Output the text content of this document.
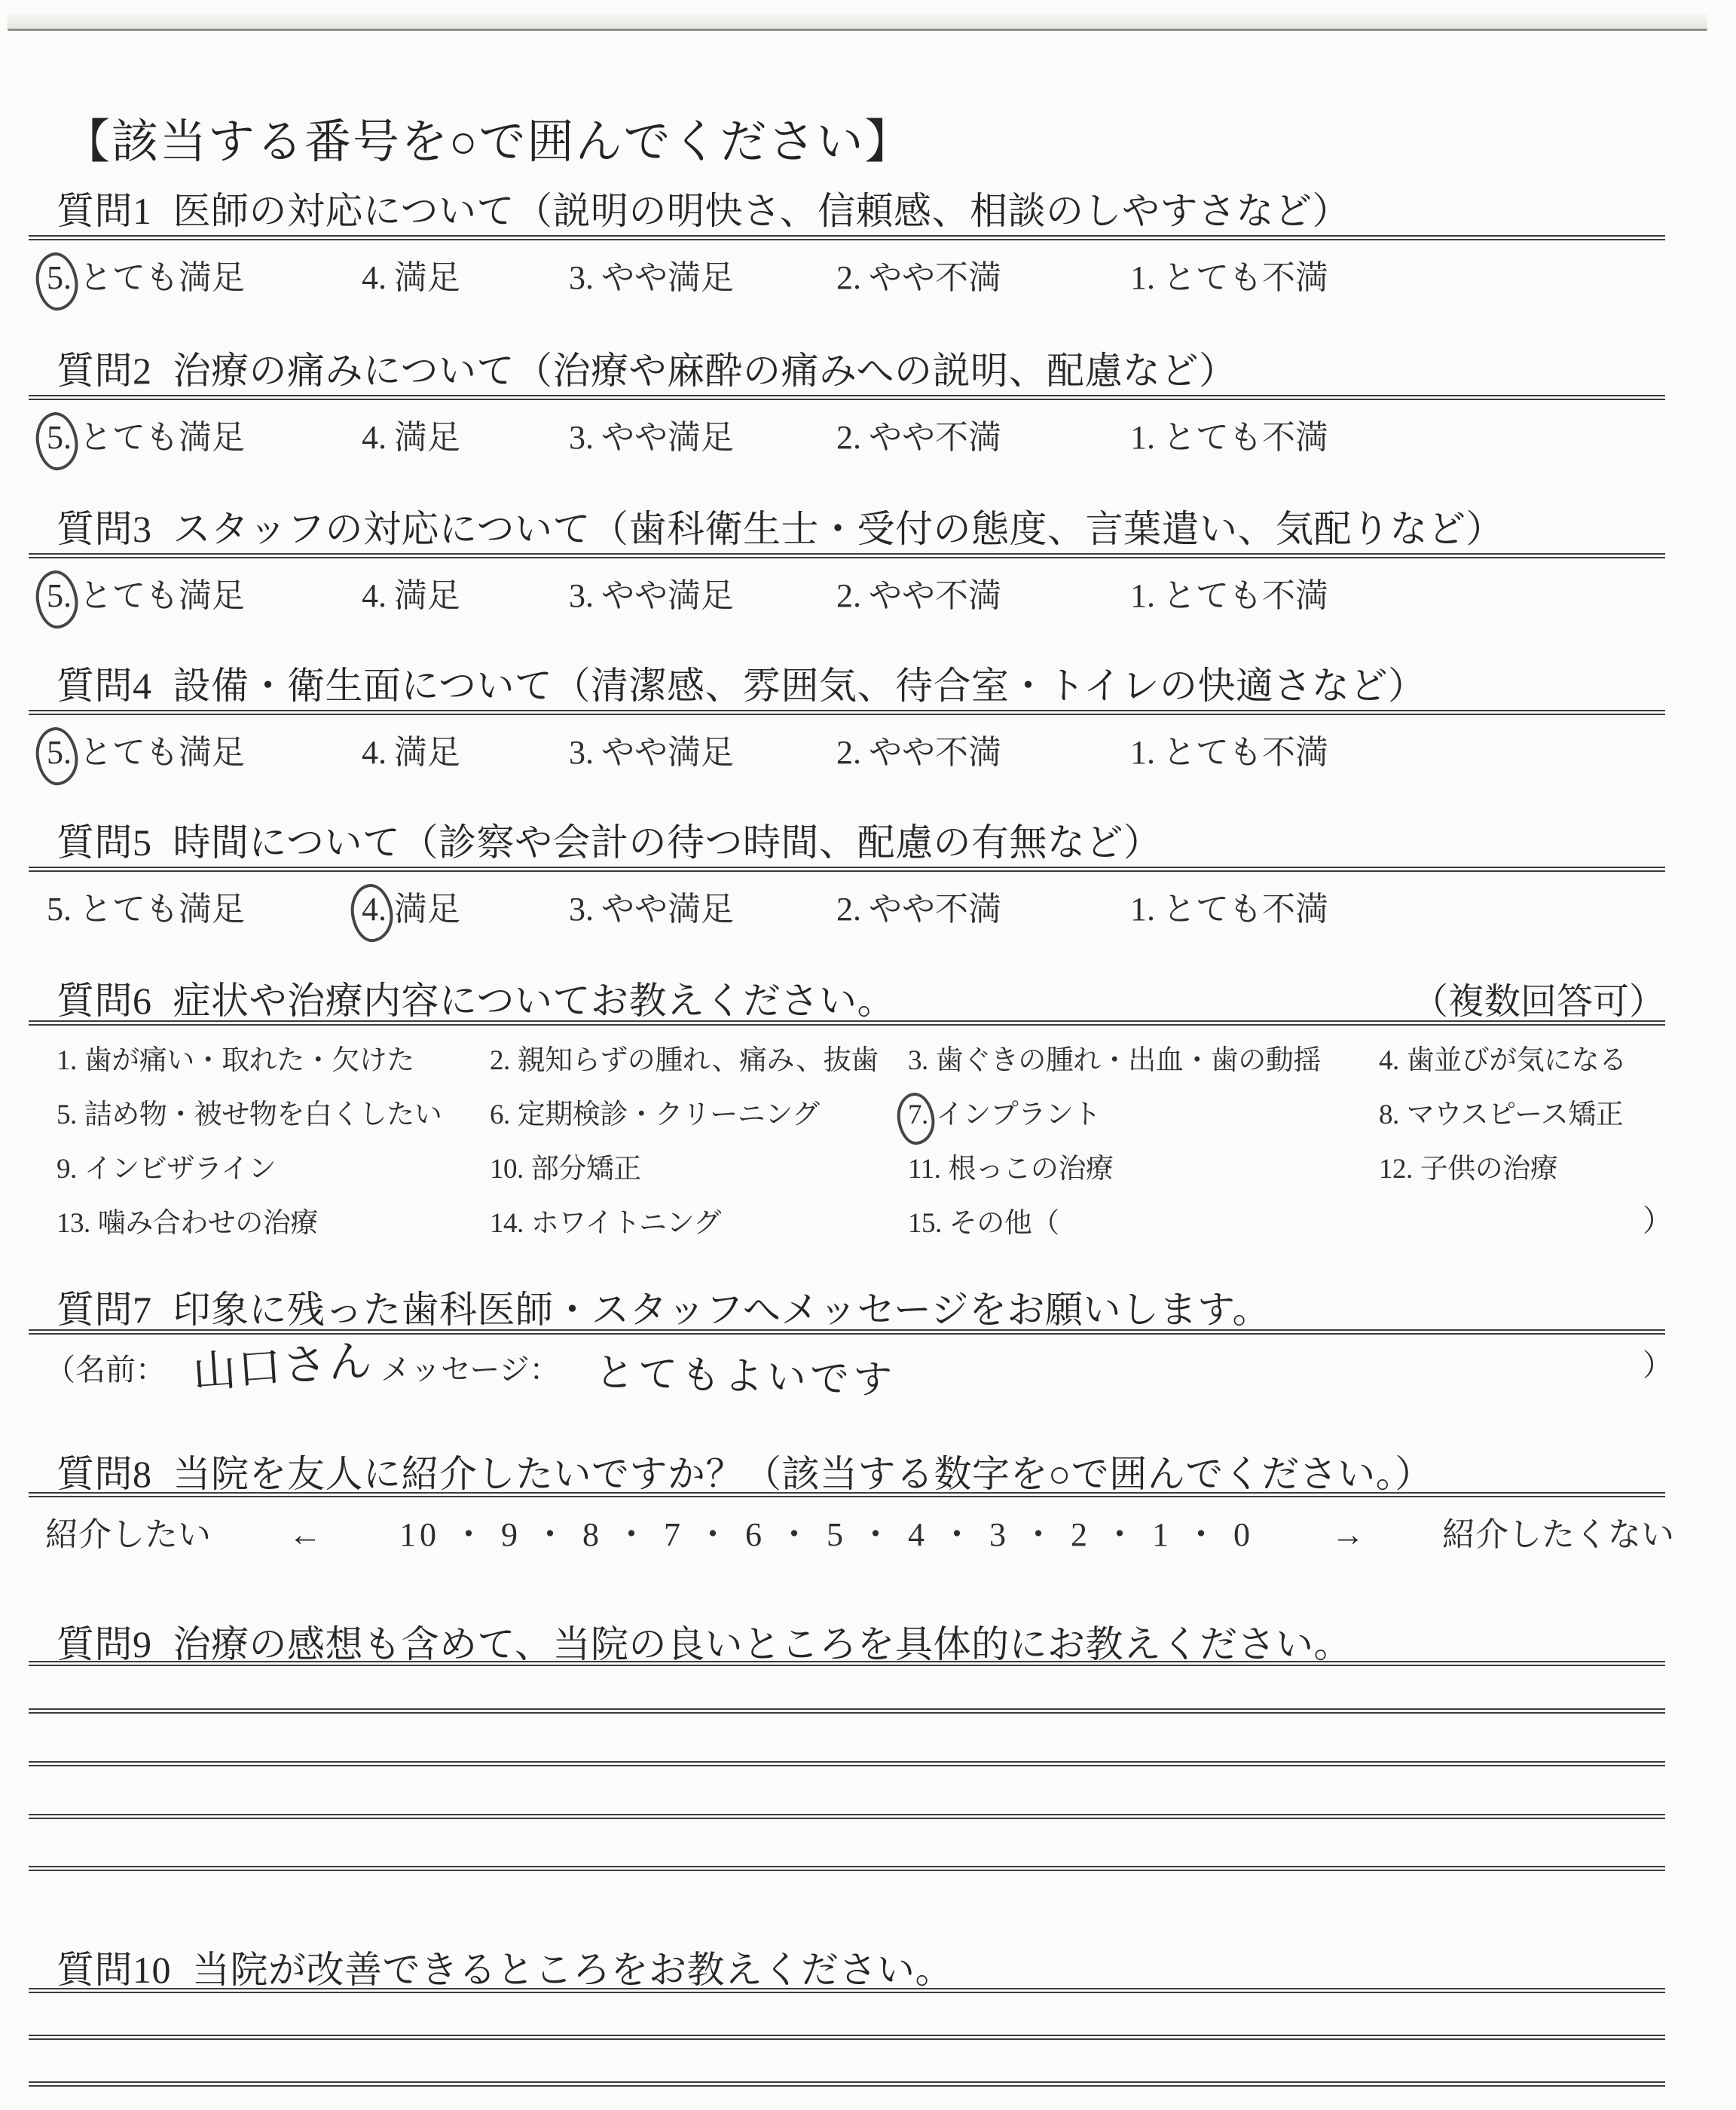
【該当する番号を○で囲んでください】
質問1 医師の対応について（説明の明快さ、信頼感、相談のしやすさなど）
5. とても満足	4. 満足	3. やや満足	2. やや不満	1. とても不満
質問2 治療の痛みについて（治療や麻酔の痛みへの説明、配慮など）
5. とても満足	4. 満足	3. やや満足	2. やや不満	1. とても不満
質問3 スタッフの対応について（歯科衛生士・受付の態度、言葉遣い、気配りなど）
5. とても満足	4. 満足	3. やや満足	2. やや不満	1. とても不満
質問4 設備・衛生面について（清潔感、雰囲気、待合室・トイレの快適さなど）
5. とても満足	4. 満足	3. やや満足	2. やや不満	1. とても不満
質問5 時間について（診察や会計の待つ時間、配慮の有無など）
5. とても満足	4. 満足	3. やや満足	2. やや不満	1. とても不満
質問6 症状や治療内容についてお教えください。	（複数回答可）
1. 歯が痛い・取れた・欠けた	2. 親知らずの腫れ、痛み、抜歯 3. 歯ぐきの腫れ・出血・歯の動揺 4. 歯並びが気になる
5. 詰め物・被せ物を白くしたい 6. 定期検診・クリーニング	7. インプラント	8. マウスピース矯正
9. インビザライン	10. 部分矯正	11. 根っこの治療	12. 子供の治療
13. 噛み合わせの治療	14. ホワイトニング	15. その他（	）
質問7 印象に残った歯科医師・スタッフへメッセージをお願いします。
（名前： 山口さん メッセージ： とてもよいです	）
質問8 当院を友人に紹介したいですか？（該当する数字を○で囲んでください。）
紹介したい ← 10 ・ 9 ・ 8 ・ 7 ・ 6 ・ 5 ・ 4 ・ 3 ・ 2 ・ 1 ・ 0 → 紹介したくない
質問9 治療の感想も含めて、当院の良いところを具体的にお教えください。
質問10 当院が改善できるところをお教えください。
